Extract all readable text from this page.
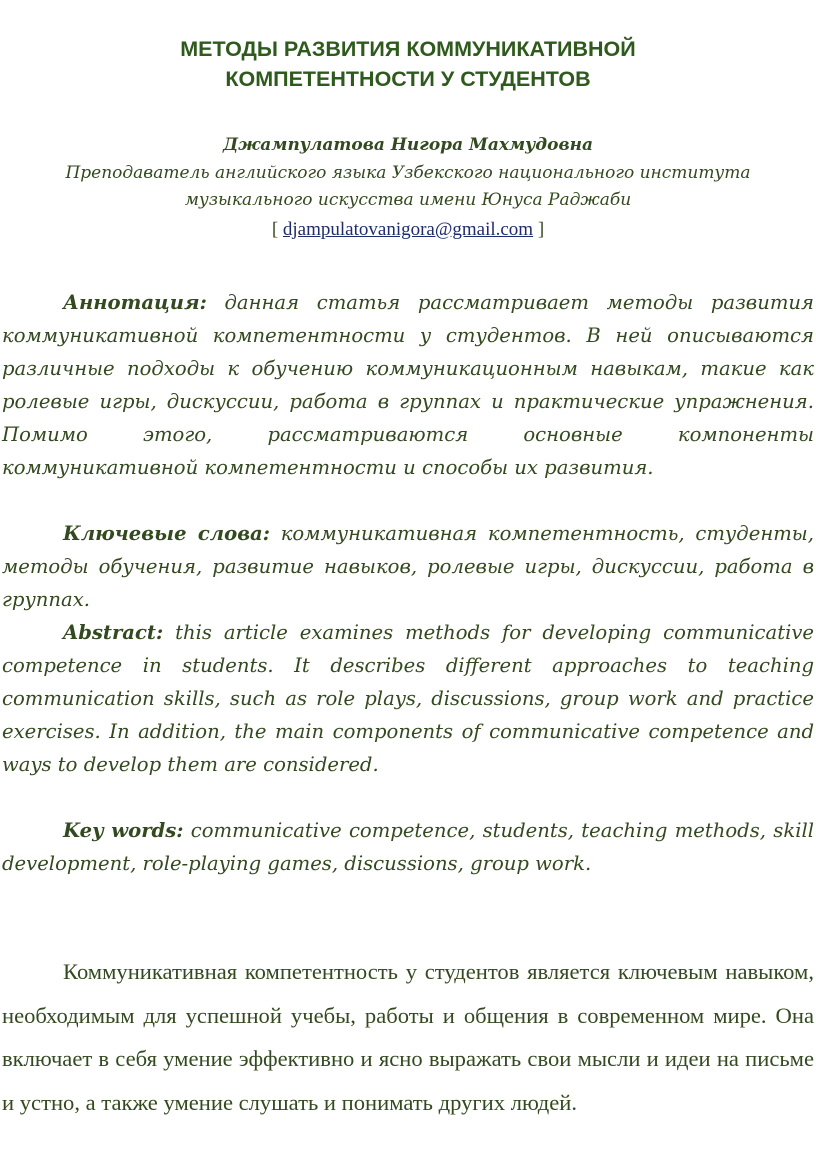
МЕТОДЫ РАЗВИТИЯ КОММУНИКАТИВНОЙ
КОМПЕТЕНТНОСТИ У СТУДЕНТОВ
Джампулатова Нигора Махмудовна
Преподаватель английского языка Узбекского национального института
музыкального искусства имени Юнуса Раджаби
[ djampulatovanigora@gmail.com ]
Аннотация: данная статья рассматривает методы развития коммуникативной компетентности у студентов. В ней описываются различные подходы к обучению коммуникационным навыкам, такие как ролевые игры, дискуссии, работа в группах и практические упражнения. Помимо этого, рассматриваются основные компоненты коммуникативной компетентности и способы их развития.
Ключевые слова: коммуникативная компетентность, студенты, методы обучения, развитие навыков, ролевые игры, дискуссии, работа в группах.
Abstract: this article examines methods for developing communicative competence in students. It describes different approaches to teaching communication skills, such as role plays, discussions, group work and practice exercises. In addition, the main components of communicative competence and ways to develop them are considered.
Key words: communicative competence, students, teaching methods, skill development, role-playing games, discussions, group work.
Коммуникативная компетентность у студентов является ключевым навыком, необходимым для успешной учебы, работы и общения в современном мире. Она включает в себя умение эффективно и ясно выражать свои мысли и идеи на письме и устно, а также умение слушать и понимать других людей.
